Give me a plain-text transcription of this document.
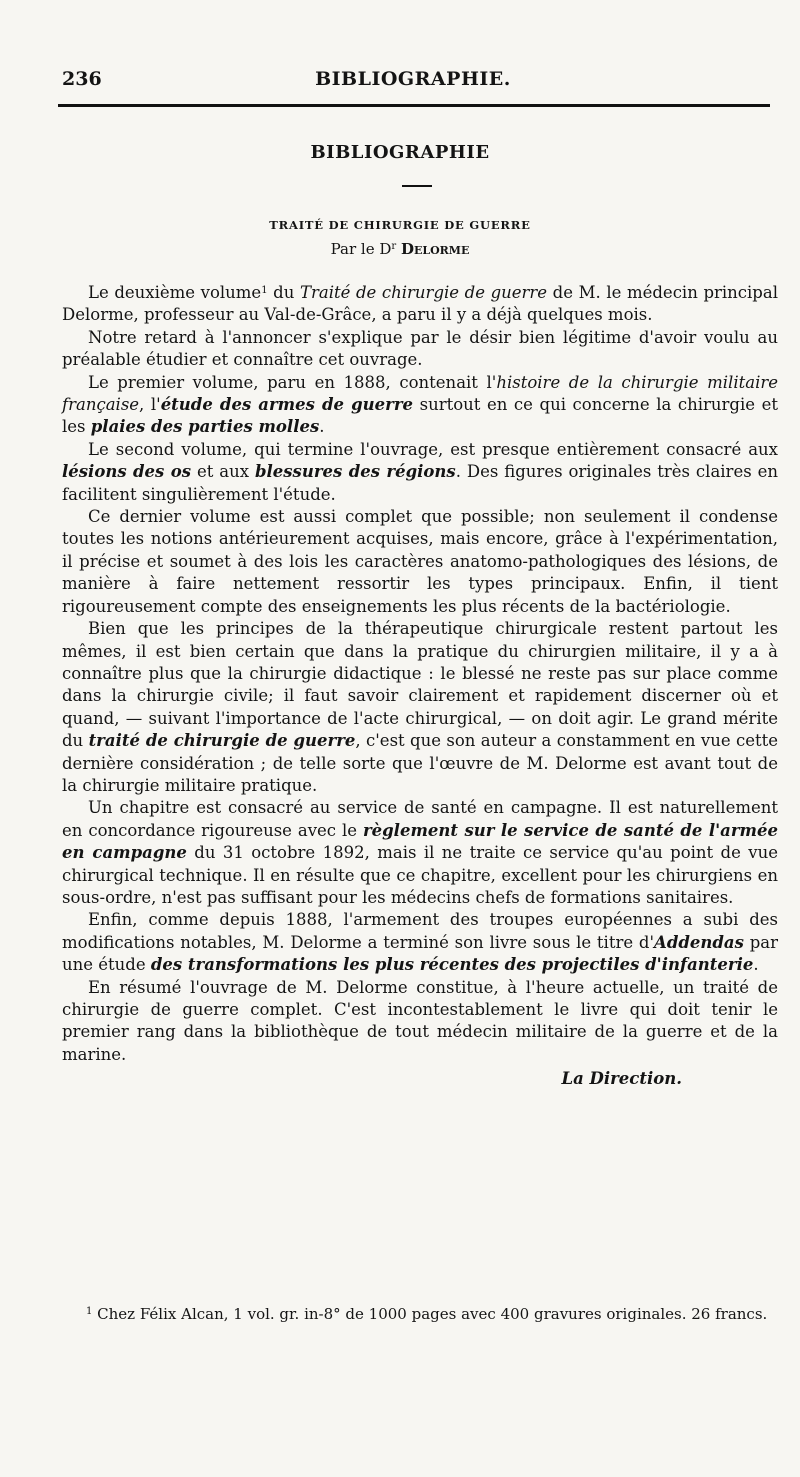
236	BIBLIOGRAPHIE.
BIBLIOGRAPHIE
TRAITÉ DE CHIRURGIE DE GUERRE
Par le $D^r$ Delorme

Le deuxième volume$^1$ du Traité de chirurgie de guerre de M. le médecin principal Delorme, professeur au Val-de-Grâce, a paru il y a déjà quelques mois.

Notre retard à l'annoncer s'explique par le désir bien légitime d'avoir voulu au préalable étudier et connaître cet ouvrage.

Le premier volume, paru en 1888, contenait l'histoire de la chirurgie militaire française, l'étude des armes de guerre surtout en ce qui concerne la chirurgie et les plaies des parties molles.

Le second volume, qui termine l'ouvrage, est presque entièrement consacré aux lésions des os et aux blessures des régions. Des figures originales très claires en facilitent singulièrement l'étude.

Ce dernier volume est aussi complet que possible; non seulement il condense toutes les notions antérieurement acquises, mais encore, grâce à l'expérimentation, il précise et soumet à des lois les caractères anatomo-pathologiques des lésions, de manière à faire nettement ressortir les types principaux. Enfin, il tient rigoureusement compte des enseignements les plus récents de la bactériologie.

Bien que les principes de la thérapeutique chirurgicale restent partout les mêmes, il est bien certain que dans la pratique du chirurgien militaire, il y a à connaître plus que la chirurgie didactique : le blessé ne reste pas sur place comme dans la chirurgie civile; il faut savoir clairement et rapidement discerner où et quand, — suivant l'importance de l'acte chirurgical, — on doit agir. Le grand mérite du traité de chirurgie de guerre, c'est que son auteur a constamment en vue cette dernière considération ; de telle sorte que l'œuvre de M. Delorme est avant tout de la chirurgie militaire pratique.

Un chapitre est consacré au service de santé en campagne. Il est naturellement en concordance rigoureuse avec le règlement sur le service de santé de l'armée en campagne du 31 octobre 1892, mais il ne traite ce service qu'au point de vue chirurgical technique. Il en résulte que ce chapitre, excellent pour les chirurgiens en sous-ordre, n'est pas suffisant pour les médecins chefs de formations sanitaires.

Enfin, comme depuis 1888, l'armement des troupes européennes a subi des modifications notables, M. Delorme a terminé son livre sous le titre d'Addendas par une étude des transformations les plus récentes des projectiles d'infanterie.

En résumé l'ouvrage de M. Delorme constitue, à l'heure actuelle, un traité de chirurgie de guerre complet. C'est incontestablement le livre qui doit tenir le premier rang dans la bibliothèque de tout médecin militaire de la guerre et de la marine.

La Direction.

$^1$ Chez Félix Alcan, 1 vol. gr. in-8° de 1000 pages avec 400 gravures originales. 26 francs.
